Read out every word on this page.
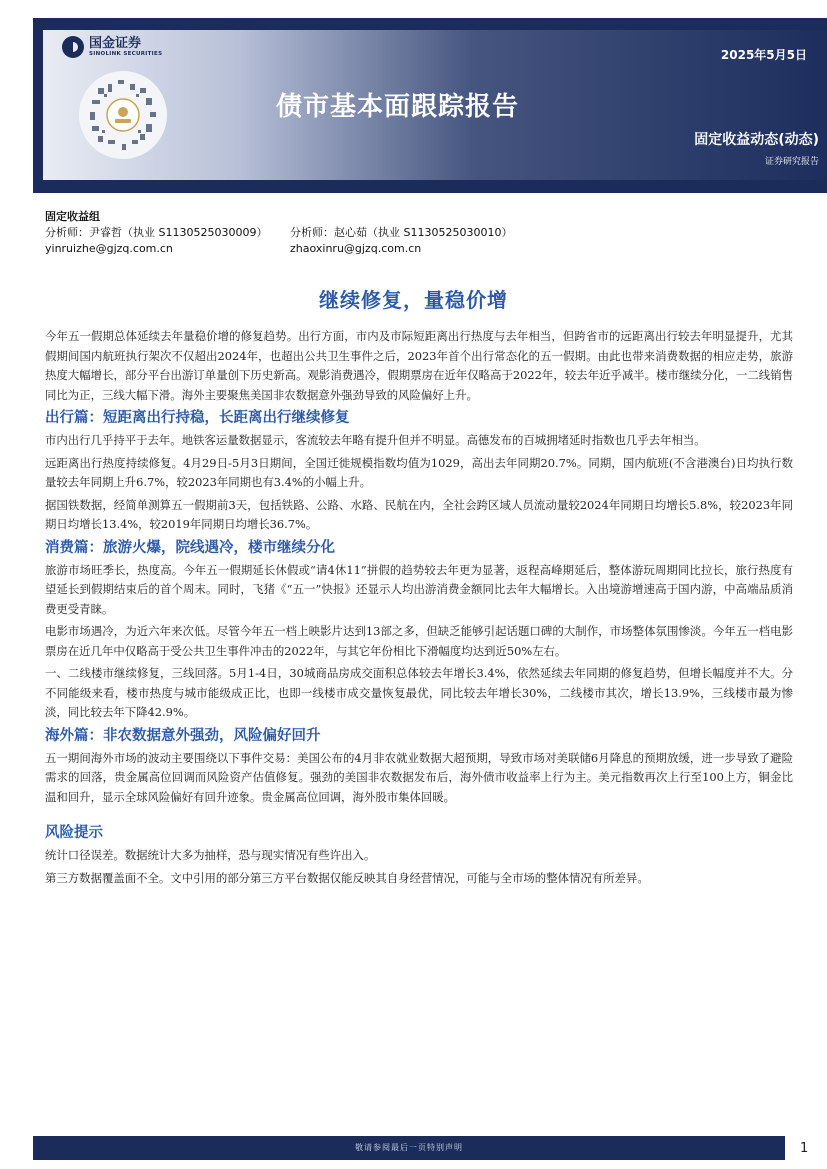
国金证券
SINOLINK SECURITIES	2025年5月5日
债市基本面跟踪报告
固定收益动态(动态)
证券研究报告
固定收益组
分析师：尹睿哲（执业 S1130525030009）	分析师：赵心茹（执业 S1130525030010）
yinruizhe@gjzq.com.cn	zhaoxinru@gjzq.com.cn
继续修复，量稳价增

今年五一假期总体延续去年量稳价增的修复趋势。出行方面，市内及市际短距离出行热度与去年相当，但跨省市的远距离出行较去年明显提升，尤其假期间国内航班执行架次不仅超出2024年，也超出公共卫生事件之后，2023年首个出行常态化的五一假期。由此也带来消费数据的相应走势，旅游热度大幅增长，部分平台出游订单量创下历史新高。观影消费遇冷，假期票房在近年仅略高于2022年，较去年近乎减半。楼市继续分化，一二线销售同比为正，三线大幅下滑。海外主要聚焦美国非农数据意外强劲导致的风险偏好上升。

出行篇：短距离出行持稳，长距离出行继续修复

市内出行几乎持平于去年。地铁客运量数据显示，客流较去年略有提升但并不明显。高德发布的百城拥堵延时指数也几乎去年相当。

远距离出行热度持续修复。4月29日-5月3日期间，全国迁徙规模指数均值为1029，高出去年同期20.7%。同期，国内航班(不含港澳台)日均执行数量较去年同期上升6.7%，较2023年同期也有3.4%的小幅上升。

据国铁数据，经简单测算五一假期前3天，包括铁路、公路、水路、民航在内，全社会跨区域人员流动量较2024年同期日均增长5.8%，较2023年同期日均增长13.4%，较2019年同期日均增长36.7%。

消费篇：旅游火爆，院线遇冷，楼市继续分化

旅游市场旺季长，热度高。今年五一假期延长休假或“请4休11”拼假的趋势较去年更为显著，返程高峰期延后，整体游玩周期同比拉长，旅行热度有望延长到假期结束后的首个周末。同时，飞猪《“五一”快报》还显示人均出游消费金额同比去年大幅增长。入出境游增速高于国内游，中高端品质消费更受青睐。

电影市场遇冷，为近六年来次低。尽管今年五一档上映影片达到13部之多，但缺乏能够引起话题口碑的大制作，市场整体氛围惨淡。今年五一档电影票房在近几年中仅略高于受公共卫生事件冲击的2022年，与其它年份相比下滑幅度均达到近50%左右。

一、二线楼市继续修复，三线回落。5月1-4日，30城商品房成交面积总体较去年增长3.4%，依然延续去年同期的修复趋势，但增长幅度并不大。分不同能级来看，楼市热度与城市能级成正比，也即一线楼市成交量恢复最优，同比较去年增长30%，二线楼市其次，增长13.9%，三线楼市最为惨淡，同比较去年下降42.9%。

海外篇：非农数据意外强劲，风险偏好回升

五一期间海外市场的波动主要围绕以下事件交易：美国公布的4月非农就业数据大超预期，导致市场对美联储6月降息的预期放缓，进一步导致了避险需求的回落，贵金属高位回调而风险资产估值修复。强劲的美国非农数据发布后，海外债市收益率上行为主。美元指数再次上行至100上方，铜金比温和回升，显示全球风险偏好有回升迹象。贵金属高位回调，海外股市集体回暖。

风险提示

统计口径误差。数据统计大多为抽样，恐与现实情况有些许出入。

第三方数据覆盖面不全。文中引用的部分第三方平台数据仅能反映其自身经营情况，可能与全市场的整体情况有所差异。

敬请参阅最后一页特别声明	1
